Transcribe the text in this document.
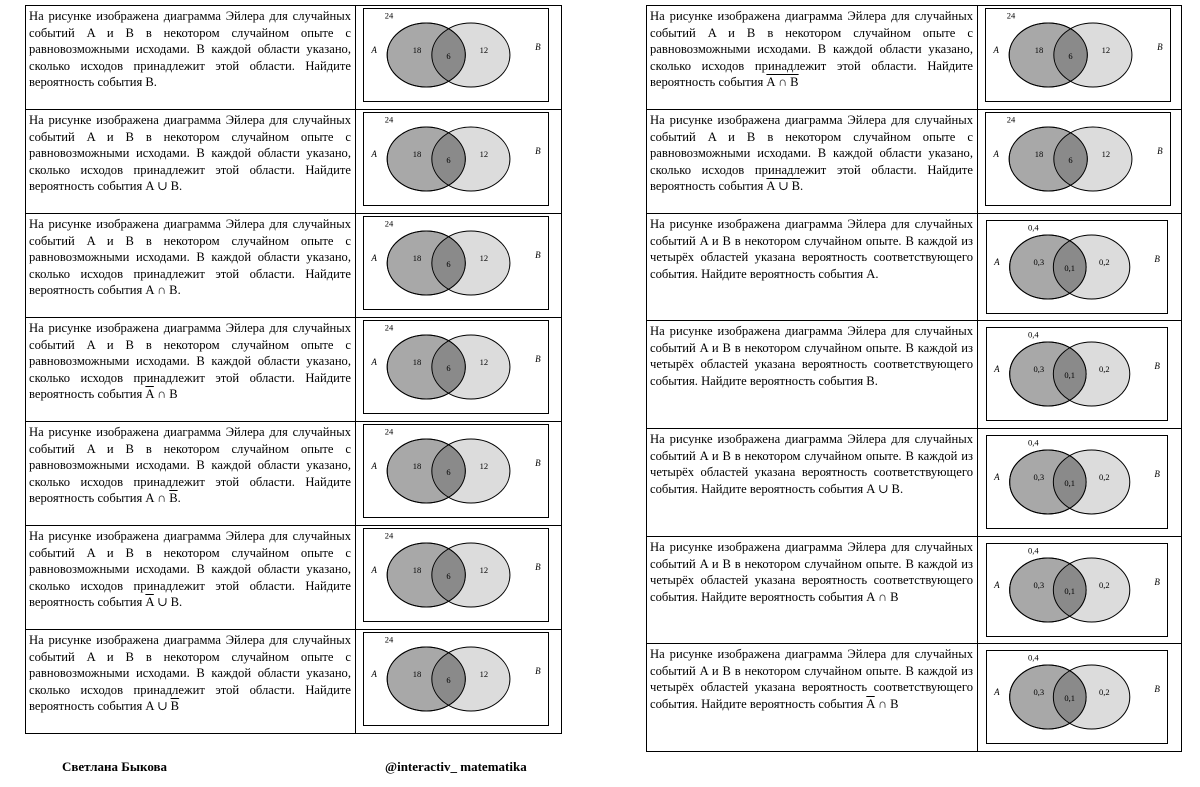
На рисунке изображена диаграмма Эйлера для случайных событий A и B в некотором случайном опыте с равновозможными исходами. В каждой области указано, сколько исходов принадлежит этой области. Найдите вероятность события B.
24
18
6
12
A	B
На рисунке изображена диаграмма Эйлера для случайных событий A и B в некотором случайном опыте с равновозможными исходами. В каждой области указано, сколько исходов принадлежит этой области. Найдите вероятность события A ∪ B.
24
18
6
12
A	B
На рисунке изображена диаграмма Эйлера для случайных событий A и B в некотором случайном опыте с равновозможными исходами. В каждой области указано, сколько исходов принадлежит этой области. Найдите вероятность события A ∩ B.
24
18
6
12
A	B
На рисунке изображена диаграмма Эйлера для случайных событий A и B в некотором случайном опыте с равновозможными исходами. В каждой области указано, сколько исходов принадлежит этой области. Найдите вероятность события $\overline{A}$ ∩ B
24
18
6
12
A	B
На рисунке изображена диаграмма Эйлера для случайных событий A и B в некотором случайном опыте с равновозможными исходами. В каждой области указано, сколько исходов принадлежит этой области. Найдите вероятность события A ∩ $\overline{B}$.
24
18
6
12
A	B
На рисунке изображена диаграмма Эйлера для случайных событий A и B в некотором случайном опыте с равновозможными исходами. В каждой области указано, сколько исходов принадлежит этой области. Найдите вероятность события $\overline{A}$ ∪ B.
24
18
6
12
A	B
На рисунке изображена диаграмма Эйлера для случайных событий A и B в некотором случайном опыте с равновозможными исходами. В каждой области указано, сколько исходов принадлежит этой области. Найдите вероятность события A ∪ $\overline{B}$
24
18
6
12
A	B
На рисунке изображена диаграмма Эйлера для случайных событий A и B в некотором случайном опыте с равновозможными исходами. В каждой области указано, сколько исходов принадлежит этой области. Найдите вероятность события A ∩ B
24
18
6
12
A	B
На рисунке изображена диаграмма Эйлера для случайных событий A и B в некотором случайном опыте с равновозможными исходами. В каждой области указано, сколько исходов принадлежит этой области. Найдите вероятность события A ∪ B.
24
18
6
12
A	B
На рисунке изображена диаграмма Эйлера для случайных событий A и B в некотором случайном опыте. В каждой из четырёх областей указана вероятность соответствующего события. Найдите вероятность события A.
0,4
0,3
0,1
0,2
A	B
На рисунке изображена диаграмма Эйлера для случайных событий A и B в некотором случайном опыте. В каждой из четырёх областей указана вероятность соответствующего события. Найдите вероятность события B.
0,4
0,3
0,1
0,2
A	B
На рисунке изображена диаграмма Эйлера для случайных событий A и B в некотором случайном опыте. В каждой из четырёх областей указана вероятность соответствующего события. Найдите вероятность события A ∪ B.
0,4
0,3
0,1
0,2
A	B
На рисунке изображена диаграмма Эйлера для случайных событий A и B в некотором случайном опыте. В каждой из четырёх областей указана вероятность соответствующего события. Найдите вероятность события A ∩ B
0,4
0,3
0,1
0,2
A	B
На рисунке изображена диаграмма Эйлера для случайных событий A и B в некотором случайном опыте. В каждой из четырёх областей указана вероятность соответствующего события. Найдите вероятность события $\overline{A}$ ∩ B
0,4
0,3
0,1
0,2
A	B
Светлана Быкова	@interactiv_ matematika
